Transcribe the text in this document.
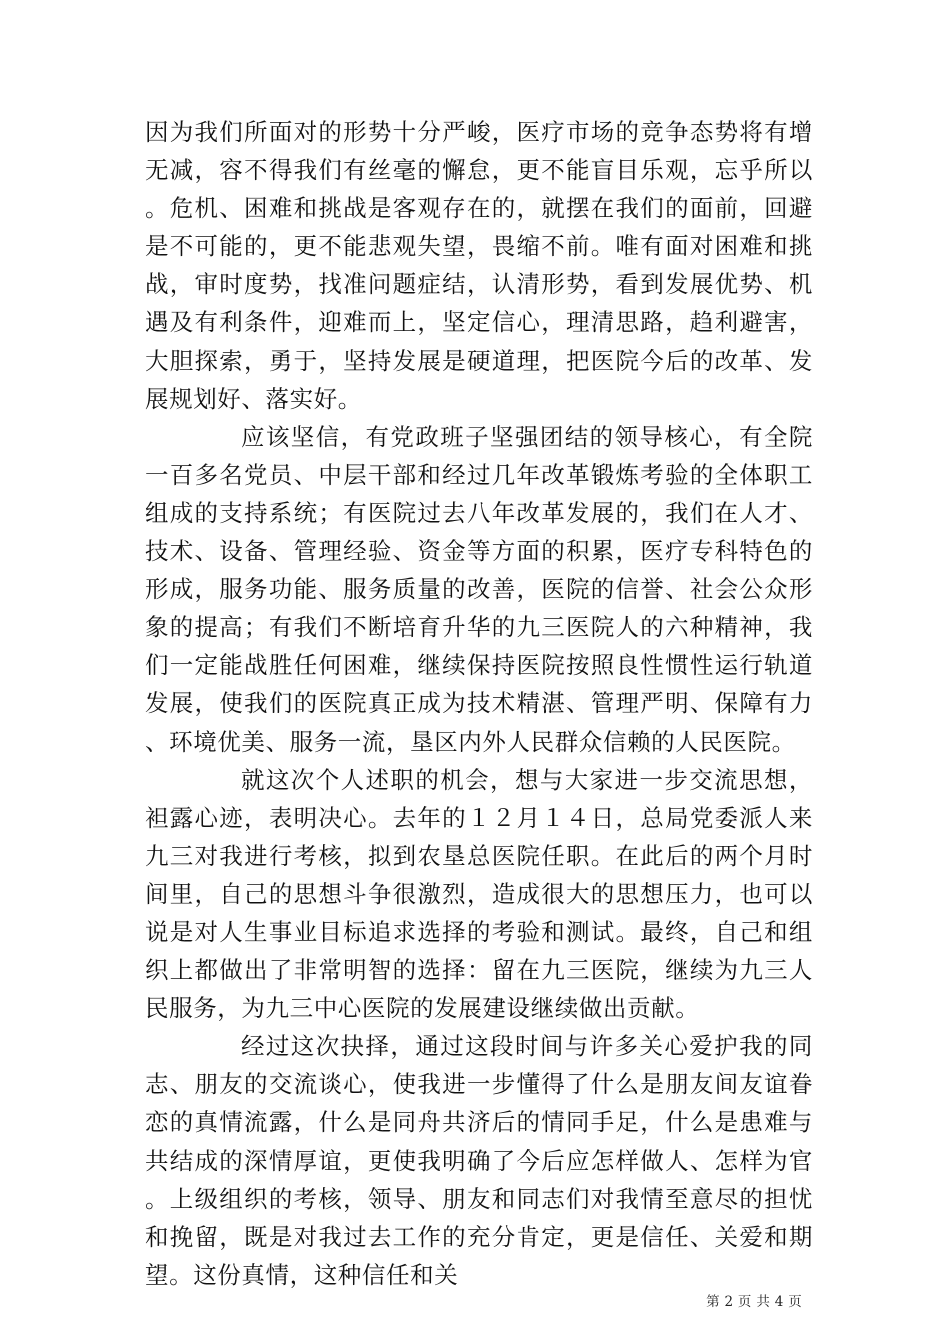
因为我们所面对的形势十分严峻，医疗市场的竞争态势将有增无减，容不得我们有丝毫的懈怠，更不能盲目乐观，忘乎所以。危机、困难和挑战是客观存在的，就摆在我们的面前，回避是不可能的，更不能悲观失望，畏缩不前。唯有面对困难和挑战，审时度势，找准问题症结，认清形势，看到发展优势、机遇及有利条件，迎难而上，坚定信心，理清思路，趋利避害，大胆探索，勇于，坚持发展是硬道理，把医院今后的改革、发展规划好、落实好。

应该坚信，有党政班子坚强团结的领导核心，有全院一百多名党员、中层干部和经过几年改革锻炼考验的全体职工组成的支持系统；有医院过去八年改革发展的，我们在人才、技术、设备、管理经验、资金等方面的积累，医疗专科特色的形成，服务功能、服务质量的改善，医院的信誉、社会公众形象的提高；有我们不断培育升华的九三医院人的六种精神，我们一定能战胜任何困难，继续保持医院按照良性惯性运行轨道发展，使我们的医院真正成为技术精湛、管理严明、保障有力、环境优美、服务一流，垦区内外人民群众信赖的人民医院。

就这次个人述职的机会，想与大家进一步交流思想，袒露心迹，表明决心。去年的１２月１４日，总局党委派人来九三对我进行考核，拟到农垦总医院任职。在此后的两个月时间里，自己的思想斗争很激烈，造成很大的思想压力，也可以说是对人生事业目标追求选择的考验和测试。最终，自己和组织上都做出了非常明智的选择：留在九三医院，继续为九三人民服务，为九三中心医院的发展建设继续做出贡献。

经过这次抉择，通过这段时间与许多关心爱护我的同志、朋友的交流谈心，使我进一步懂得了什么是朋友间友谊眷恋的真情流露，什么是同舟共济后的情同手足，什么是患难与共结成的深情厚谊，更使我明确了今后应怎样做人、怎样为官。上级组织的考核，领导、朋友和同志们对我情至意尽的担忧和挽留，既是对我过去工作的充分肯定，更是信任、关爱和期望。这份真情，这种信任和关

第 2 页 共 4 页
